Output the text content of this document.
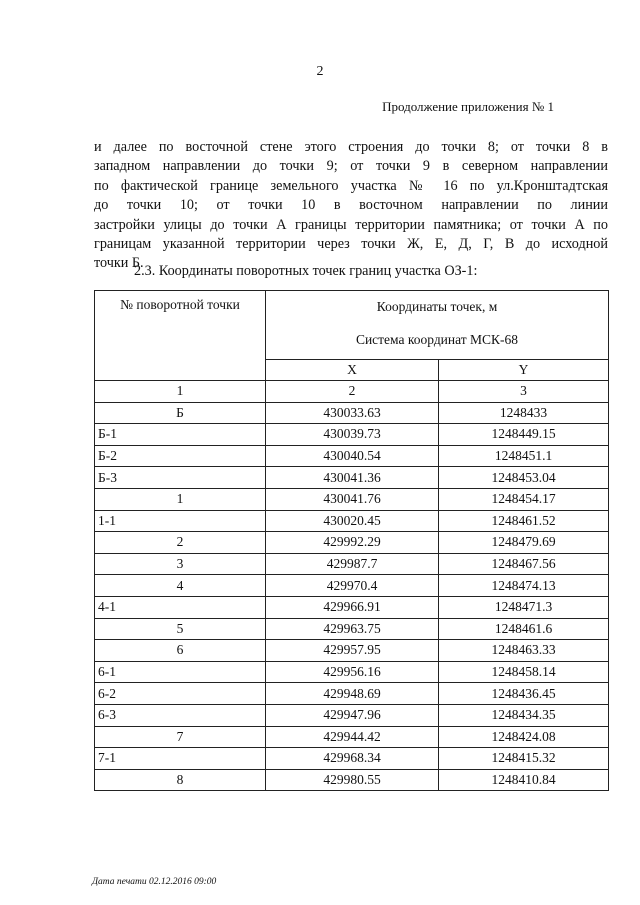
2
Продолжение приложения № 1
и далее по восточной стене этого строения до точки 8; от точки 8 в
западном направлении до точки 9; от точки 9 в северном направлении
по фактической границе земельного участка № 16 по ул.Кронштадтская
до точки 10; от точки 10 в восточном направлении по линии
застройки улицы до точки А границы территории памятника; от точки А по
границам указанной территории через точки Ж, Е, Д, Г, В до исходной
точки Б.
2.3. Координаты поворотных точек границ участка ОЗ-1:
№ поворотной точки	Координаты точек, м
Система координат МСК-68	

	X	Y
1	2	3
Б	430033.63	1248433
Б-1	430039.73	1248449.15
Б-2	430040.54	1248451.1
Б-3	430041.36	1248453.04
1	430041.76	1248454.17
1-1	430020.45	1248461.52
2	429992.29	1248479.69
3	429987.7	1248467.56
4	429970.4	1248474.13
4-1	429966.91	1248471.3
5	429963.75	1248461.6
6	429957.95	1248463.33
6-1	429956.16	1248458.14
6-2	429948.69	1248436.45
6-3	429947.96	1248434.35
7	429944.42	1248424.08
7-1	429968.34	1248415.32
8	429980.55	1248410.84
Дата печати 02.12.2016 09:00
